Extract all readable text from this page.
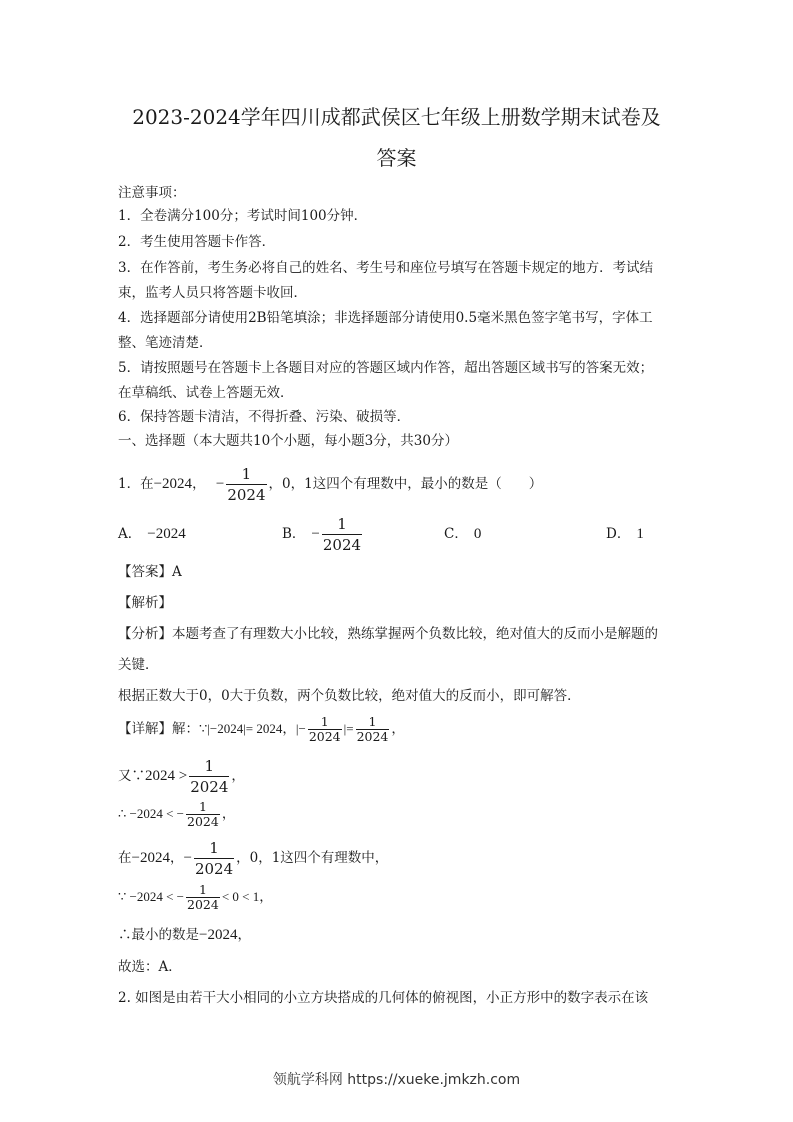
2023-2024学年四川成都武侯区七年级上册数学期末试卷及
答案
注意事项：
1．全卷满分100分；考试时间100分钟．
2．考生使用答题卡作答．
3．在作答前，考生务必将自己的姓名、考生号和座位号填写在答题卡规定的地方．考试结
束，监考人员只将答题卡收回．
4．选择题部分请使用2B铅笔填涂；非选择题部分请使用0.5毫米黑色签字笔书写，字体工
整、笔迹清楚．
5．请按照题号在答题卡上各题目对应的答题区域内作答，超出答题区域书写的答案无效；
在草稿纸、试卷上答题无效．
6．保持答题卡清洁，不得折叠、污染、破损等．
一、选择题（本大题共10个小题，每小题3分，共30分）
1．在−2024， − $\frac{1}{2024}$ ，0，1这四个有理数中，最小的数是（　　）
A． −2024	B． − $\frac{1}{2024}$	C． 0	D． 1
【答案】A
【解析】
【分析】本题考查了有理数大小比较，熟练掌握两个负数比较，绝对值大的反而小是解题的
关键．
根据正数大于0，0大于负数，两个负数比较，绝对值大的反而小，即可解答．
【详解】解：∵|−2024|= 2024，|− $\frac{1}{2024}$ |= $\frac{1}{2024}$ ，
又∵2024 > $\frac{1}{2024}$ ，
∴ −2024 < − $\frac{1}{2024}$ ，
在−2024，− $\frac{1}{2024}$ ，0，1这四个有理数中，
∵ −2024 < − $\frac{1}{2024} < 0 < 1$，
∴最小的数是−2024，
故选：A．
2. 如图是由若干大小相同的小立方块搭成的几何体的俯视图，小正方形中的数字表示在该
领航学科网 https://xueke.jmkzh.com
